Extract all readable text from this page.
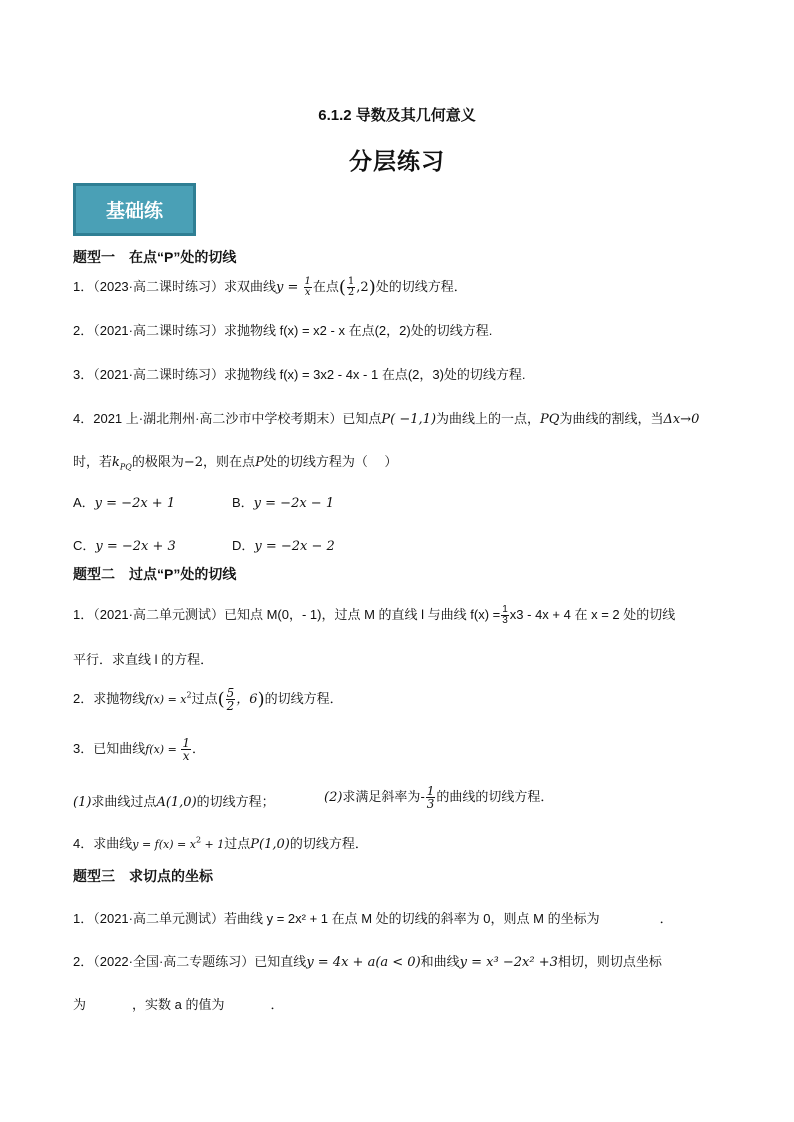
6.1.2 导数及其几何意义
分层练习
基础练
题型一　在点“P”处的切线
1．（2023·高二课时练习）求双曲线$y = \frac{1}{x}$ 在点( $\frac{1}{2} ,2$)处的切线方程．
2．（2021·高二课时练习）求抛物线 f(x) = x2 - x 在点(2，2)处的切线方程.
3．（2021·高二课时练习）求抛物线 f(x) = 3x2 - 4x - 1 在点(2，3)处的切线方程.
4．2021 上·湖北荆州·高二沙市中学校考期末）已知点P( −1,1)为曲线上的一点，PQ为曲线的割线，当Δx→0
时，若$k_{PQ}$的极限为−2，则在点P处的切线方程为（　 ）
A．y = −2x + 1	B．y = −2x − 1
C．y = −2x + 3	D．y = −2x − 2
题型二　过点“P”处的切线
1．（2021·高二单元测试）已知点 M(0，- 1)，过点 M 的直线 l 与曲线 $f(x) = \frac{1}{3} x3 - 4x + 4$ 在 x = 2 处的切线
平行．求直线 l 的方程．
2．求抛物线$f(x) = x^2$过点( $\frac{5}{2}$ ，6)的切线方程．
3．已知曲线$f(x) = \frac{1}{x}$ ．
(1)求曲线过点A(1,0)的切线方程；	(2)求满足斜率为- $\frac{1}{3}$ 的曲线的切线方程．
4．求曲线$y = f(x) = x^2 + 1$过点P(1,0)的切线方程．
题型三　求切点的坐标
1．（2021·高二单元测试）若曲线 y = 2x² + 1 在点 M 处的切线的斜率为 0，则点 M 的坐标为	．
2．（2022·全国·高二专题练习）已知直线y = 4x + a(a < 0)和曲线y = x³ −2x² +3相切，则切点坐标
为	，实数 a 的值为	．
